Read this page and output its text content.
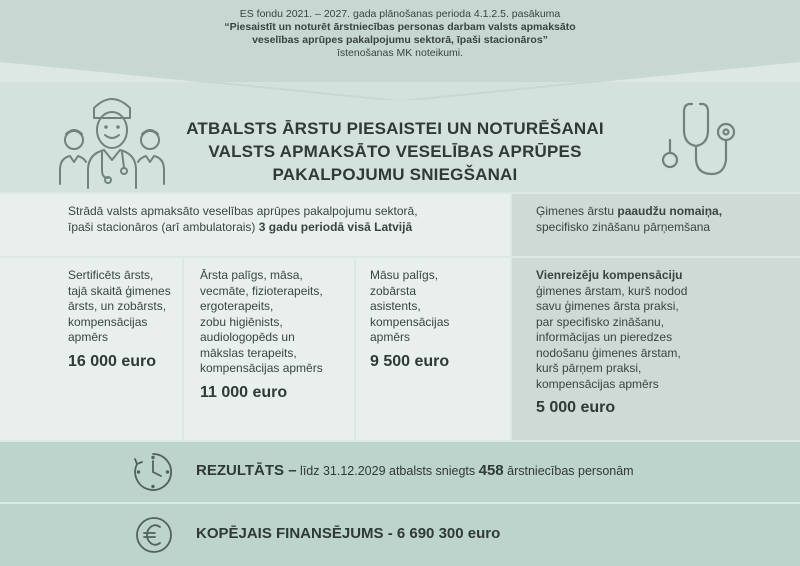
ES fondu 2021. – 2027. gada plānošanas perioda 4.1.2.5. pasākuma
“Piesaistīt un noturēt ārstniecības personas darbam valsts apmaksāto
veselības aprūpes pakalpojumu sektorā, īpaši stacionāros”
īstenošanas MK noteikumi.
ATBALSTS ĀRSTU PIESAISTEI UN NOTURĒŠANAI
VALSTS APMAKSĀTO VESELĪBAS APRŪPES
PAKALPOJUMU SNIEGŠANAI
Strādā valsts apmaksāto veselības aprūpes pakalpojumu sektorā,
īpaši stacionāros (arī ambulatorais) 3 gadu periodā visā Latvijā
Ģimenes ārstu paaudžu nomaiņa,
specifisko zināšanu pārņemšana
Sertificēts ārsts,
tajā skaitā ģimenes
ārsts, un zobārsts,
kompensācijas
apmērs
16 000 euro
Ārsta palīgs, māsa,
vecmāte, fizioterapeits,
ergoterapeits,
zobu higiēnists,
audiologopēds un
mākslas terapeits,
kompensācijas apmērs
11 000 euro
Māsu palīgs,
zobārsta
asistents,
kompensācijas
apmērs
9 500 euro
Vienreizēju kompensāciju
ģimenes ārstam, kurš nodod
savu ģimenes ārsta praksi,
par specifisko zināšanu,
informācijas un pieredzes
nodošanu ģimenes ārstam,
kurš pārņem praksi,
kompensācijas apmērs
5 000 euro
REZULTĀTS – līdz 31.12.2029 atbalsts sniegts 458 ārstniecības personām
KOPĒJAIS FINANSĒJUMS - 6 690 300 euro
